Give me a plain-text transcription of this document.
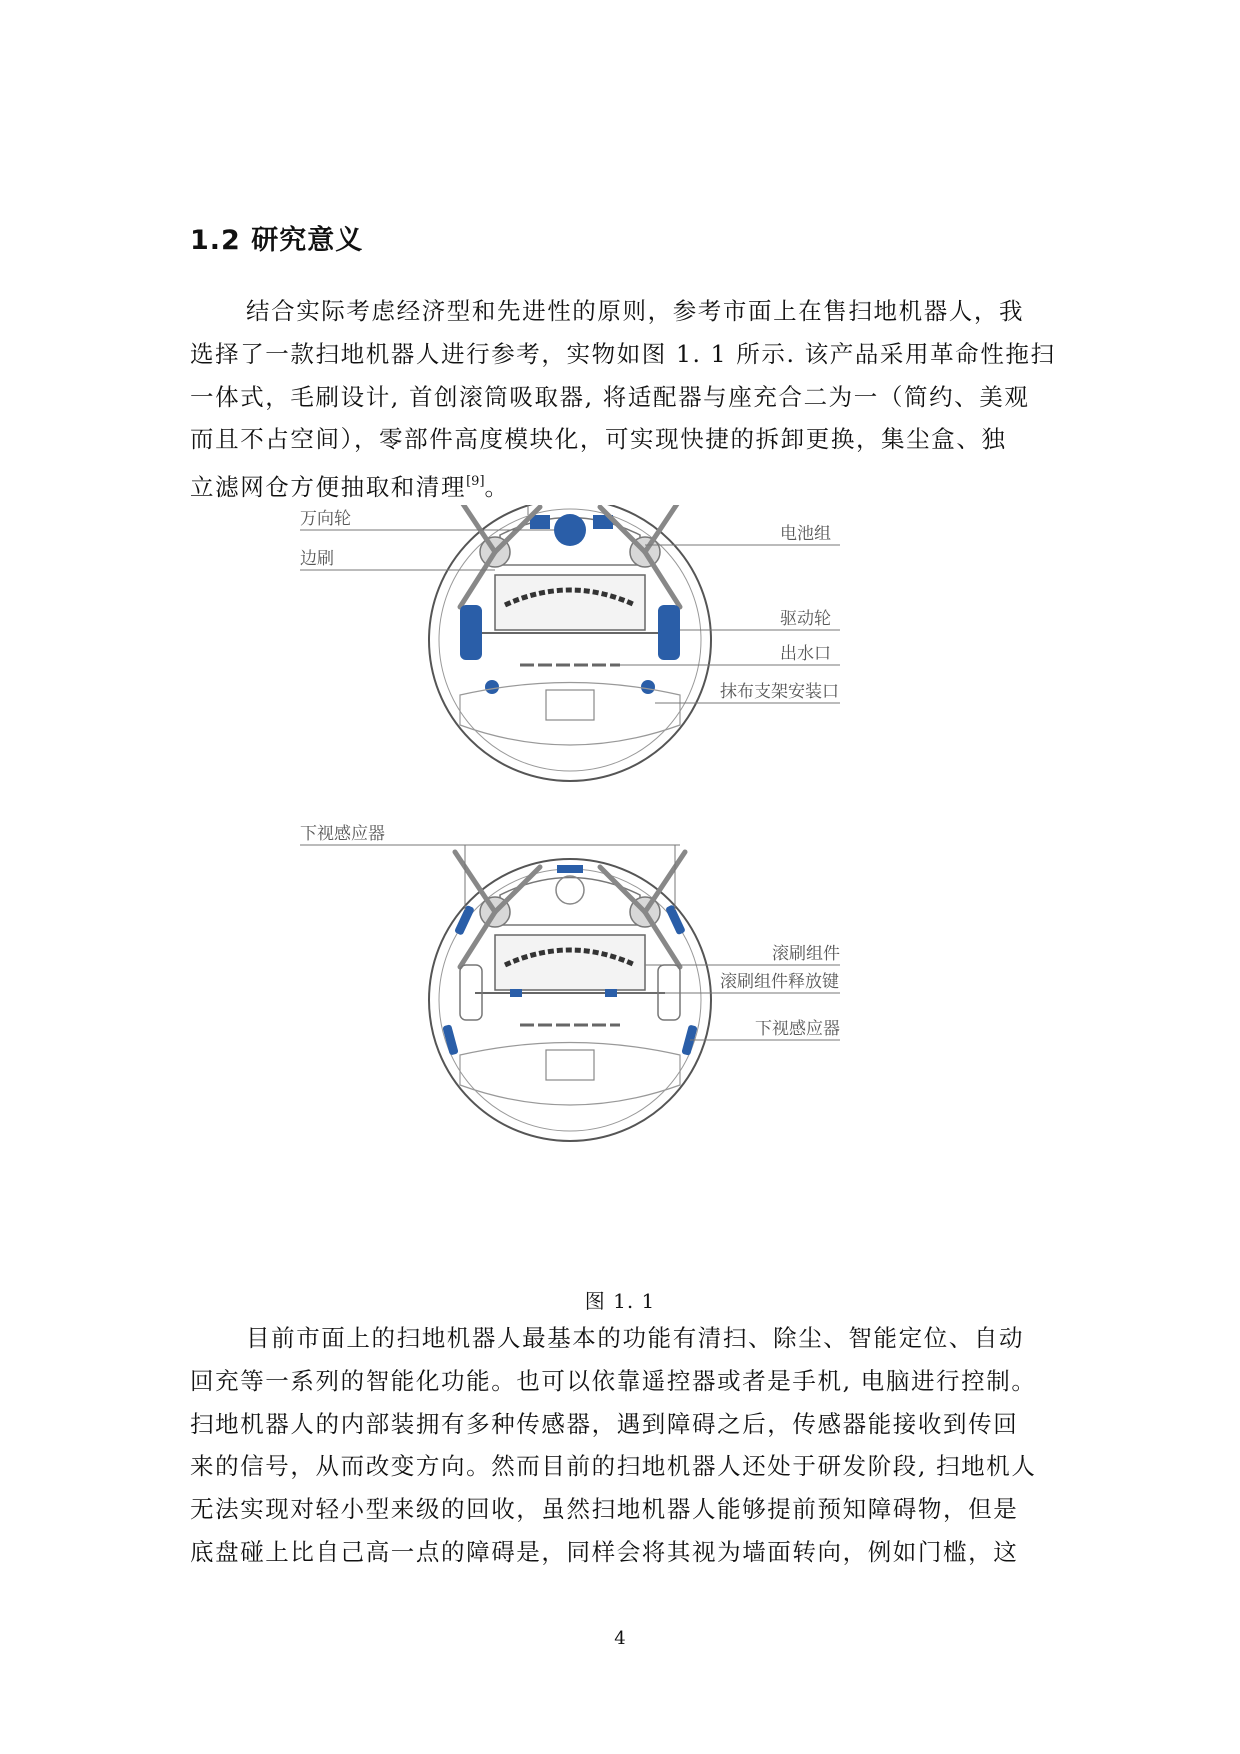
1.2 研究意义
结合实际考虑经济型和先进性的原则，参考市面上在售扫地机器人，我
选择了一款扫地机器人进行参考，实物如图 1. 1 所示. 该产品采用革命性拖扫
一体式，毛刷设计, 首创滚筒吸取器, 将适配器与座充合二为一（简约、美观
而且不占空间），零部件高度模块化，可实现快捷的拆卸更换，集尘盒、独
立滤网仓方便抽取和清理[9]。
万向轮
边刷
电池组
驱动轮
出水口
抹布支架安装口
下视感应器
滚刷组件
滚刷组件释放键
下视感应器
图 1. 1
目前市面上的扫地机器人最基本的功能有清扫、除尘、智能定位、自动
回充等一系列的智能化功能。也可以依靠遥控器或者是手机, 电脑进行控制。
扫地机器人的内部装拥有多种传感器，遇到障碍之后，传感器能接收到传回
来的信号，从而改变方向。然而目前的扫地机器人还处于研发阶段, 扫地机人
无法实现对轻小型来级的回收，虽然扫地机器人能够提前预知障碍物，但是
底盘碰上比自己高一点的障碍是，同样会将其视为墙面转向，例如门槛，这
4
